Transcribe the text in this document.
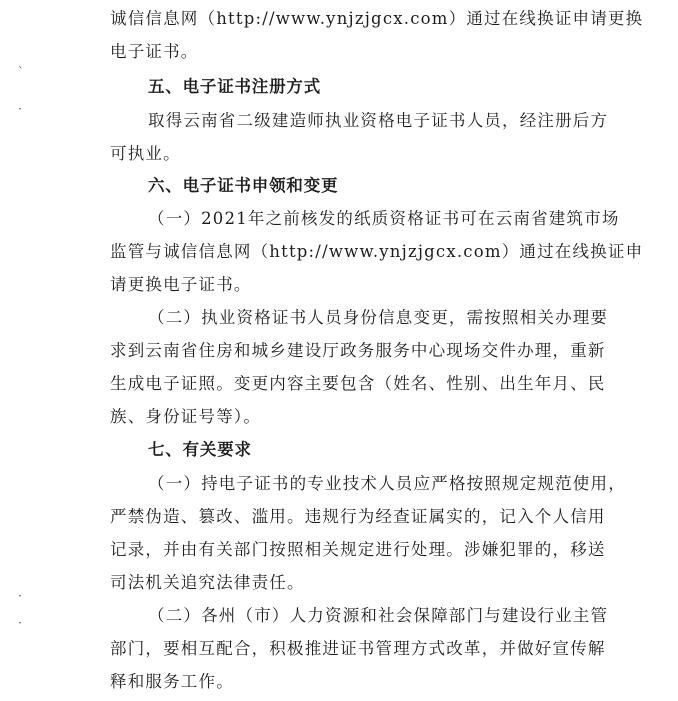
`
·
·
·
诚信信息网（http://www.ynjzjgcx.com）通过在线换证申请更换
电子证书。
五、电子证书注册方式
取得云南省二级建造师执业资格电子证书人员，经注册后方
可执业。
六、电子证书申领和变更
（一）2021年之前核发的纸质资格证书可在云南省建筑市场
监管与诚信信息网（http://www.ynjzjgcx.com）通过在线换证申
请更换电子证书。
（二）执业资格证书人员身份信息变更，需按照相关办理要
求到云南省住房和城乡建设厅政务服务中心现场交件办理，重新
生成电子证照。变更内容主要包含（姓名、性别、出生年月、民
族、身份证号等）。
七、有关要求
（一）持电子证书的专业技术人员应严格按照规定规范使用，
严禁伪造、篡改、滥用。违规行为经查证属实的，记入个人信用
记录，并由有关部门按照相关规定进行处理。涉嫌犯罪的，移送
司法机关追究法律责任。
（二）各州（市）人力资源和社会保障部门与建设行业主管
部门，要相互配合，积极推进证书管理方式改革，并做好宣传解
释和服务工作。
